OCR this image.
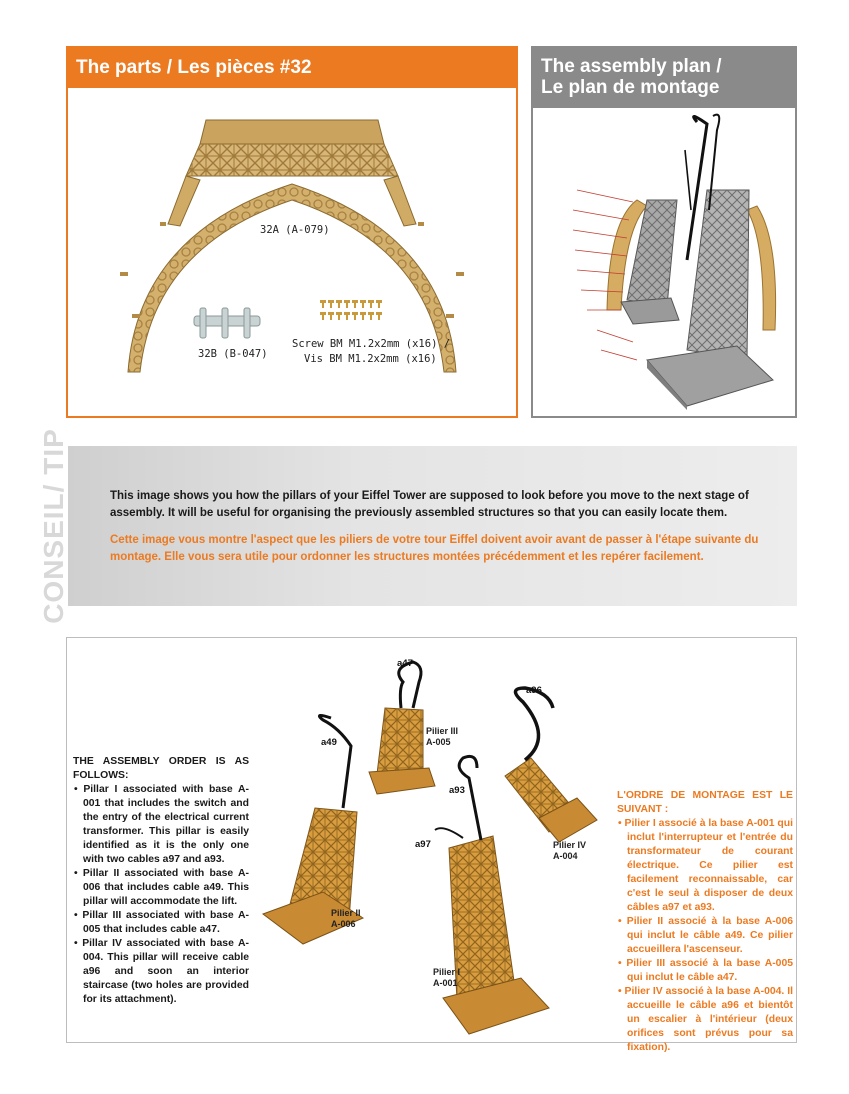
The parts / Les pièces #32
32A (A-079)
32B (B-047)
Screw BM M1.2x2mm (x16) /
Vis BM M1.2x2mm (x16)
The assembly plan /
Le plan de montage
CONSEIL/ TIP	This image shows you how the pillars of your Eiffel Tower are supposed to look before you move to the next stage of assembly. It will be useful for organising the previously assembled structures so that you can easily locate them.
Cette image vous montre l'aspect que les piliers de votre tour Eiffel doivent avoir avant de passer à l'étape suivante du montage. Elle vous sera utile pour ordonner les structures montées précédemment et les repérer facilement.
THE ASSEMBLY ORDER IS AS FOLLOWS:
• Pillar I associated with base A-001 that includes the switch and the entry of the electrical current transformer. This pillar is easily identified as it is the only one with two cables a97 and a93.
• Pillar II associated with base A-006 that includes cable a49. This pillar will accommodate the lift.
• Pillar III associated with base A-005 that includes cable a47.
• Pillar IV associated with base A-004. This pillar will receive cable a96 and soon an interior staircase (two holes are provided for its attachment).
a47
a49
a96
a93
a97
Pilier III
A-005
Pilier IV
A-004
Pilier II
A-006
Pilier I
A-001
L'ORDRE DE MONTAGE EST LE SUIVANT :
• Pilier I associé à la base A-001 qui inclut l'interrupteur et l'entrée du transformateur de courant électrique. Ce pilier est facilement reconnaissable, car c'est le seul à disposer de deux câbles a97 et a93.
• Pilier II associé à la base A-006 qui inclut le câble a49. Ce pilier accueillera l'ascenseur.
• Pilier III associé à la base A-005 qui inclut le câble a47.
• Pilier IV associé à la base A-004. Il accueille le câble a96 et bientôt un escalier à l'intérieur (deux orifices sont prévus pour sa fixation).
